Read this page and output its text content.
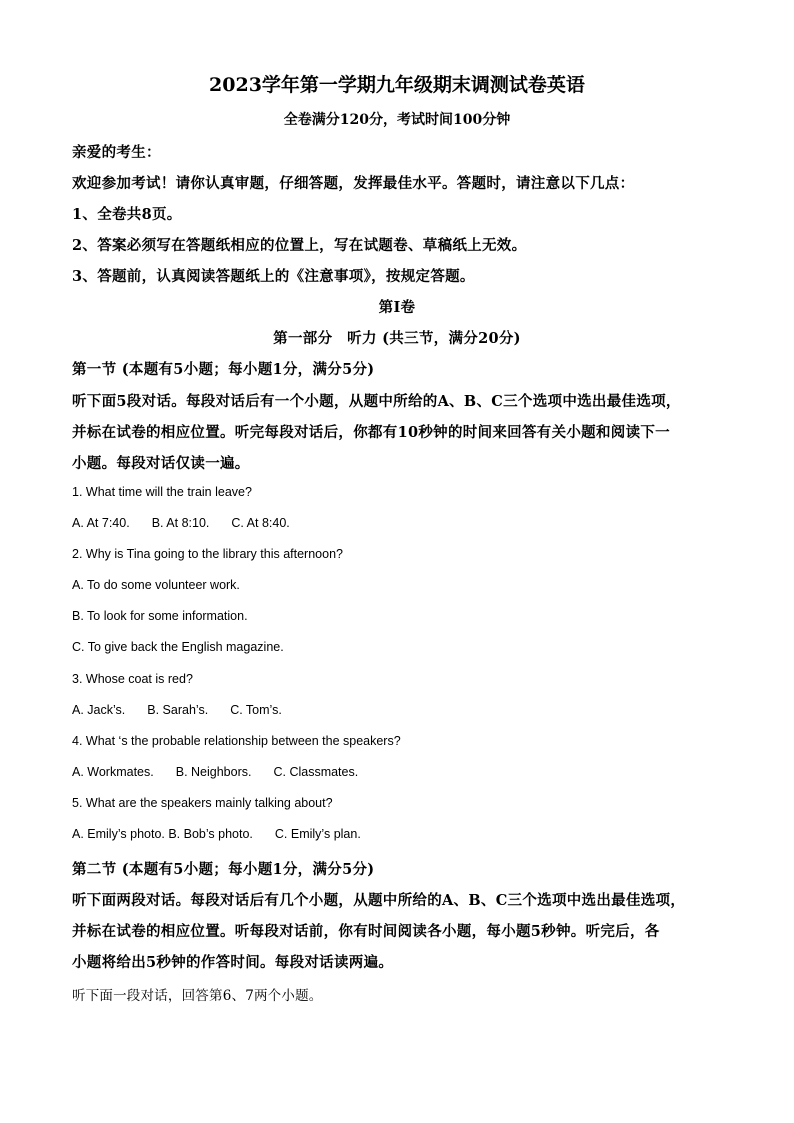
2023学年第一学期九年级期末调测试卷英语
全卷满分120分，考试时间100分钟
亲爱的考生：
欢迎参加考试！请你认真审题，仔细答题，发挥最佳水平。答题时，请注意以下几点：
1、全卷共8页。
2、答案必须写在答题纸相应的位置上，写在试题卷、草稿纸上无效。
3、答题前，认真阅读答题纸上的《注意事项》，按规定答题。
第I卷
第一部分　听力 (共三节，满分20分)
第一节 (本题有5小题；每小题1分，满分5分)
听下面5段对话。每段对话后有一个小题，从题中所给的A、B、C三个选项中选出最佳选项，
并标在试卷的相应位置。听完每段对话后，你都有10秒钟的时间来回答有关小题和阅读下一
小题。每段对话仅读一遍。
1. What time will the train leave?
A. At 7:40. B. At 8:10. C. At 8:40.
2. Why is Tina going to the library this afternoon?
A. To do some volunteer work.
B. To look for some information.
C. To give back the English magazine.
3. Whose coat is red?
A. Jack’s. B. Sarah’s. C. Tom’s.
4. What ‘s the probable relationship between the speakers?
A. Workmates. B. Neighbors. C. Classmates.
5. What are the speakers mainly talking about?
A. Emily’s photo. B. Bob’s photo. C. Emily’s plan.
第二节 (本题有5小题；每小题1分，满分5分)
听下面两段对话。每段对话后有几个小题，从题中所给的A、B、C三个选项中选出最佳选项，
并标在试卷的相应位置。听每段对话前，你有时间阅读各小题，每小题5秒钟。听完后，各
小题将给出5秒钟的作答时间。每段对话读两遍。
听下面一段对话，回答第6、7两个小题。
